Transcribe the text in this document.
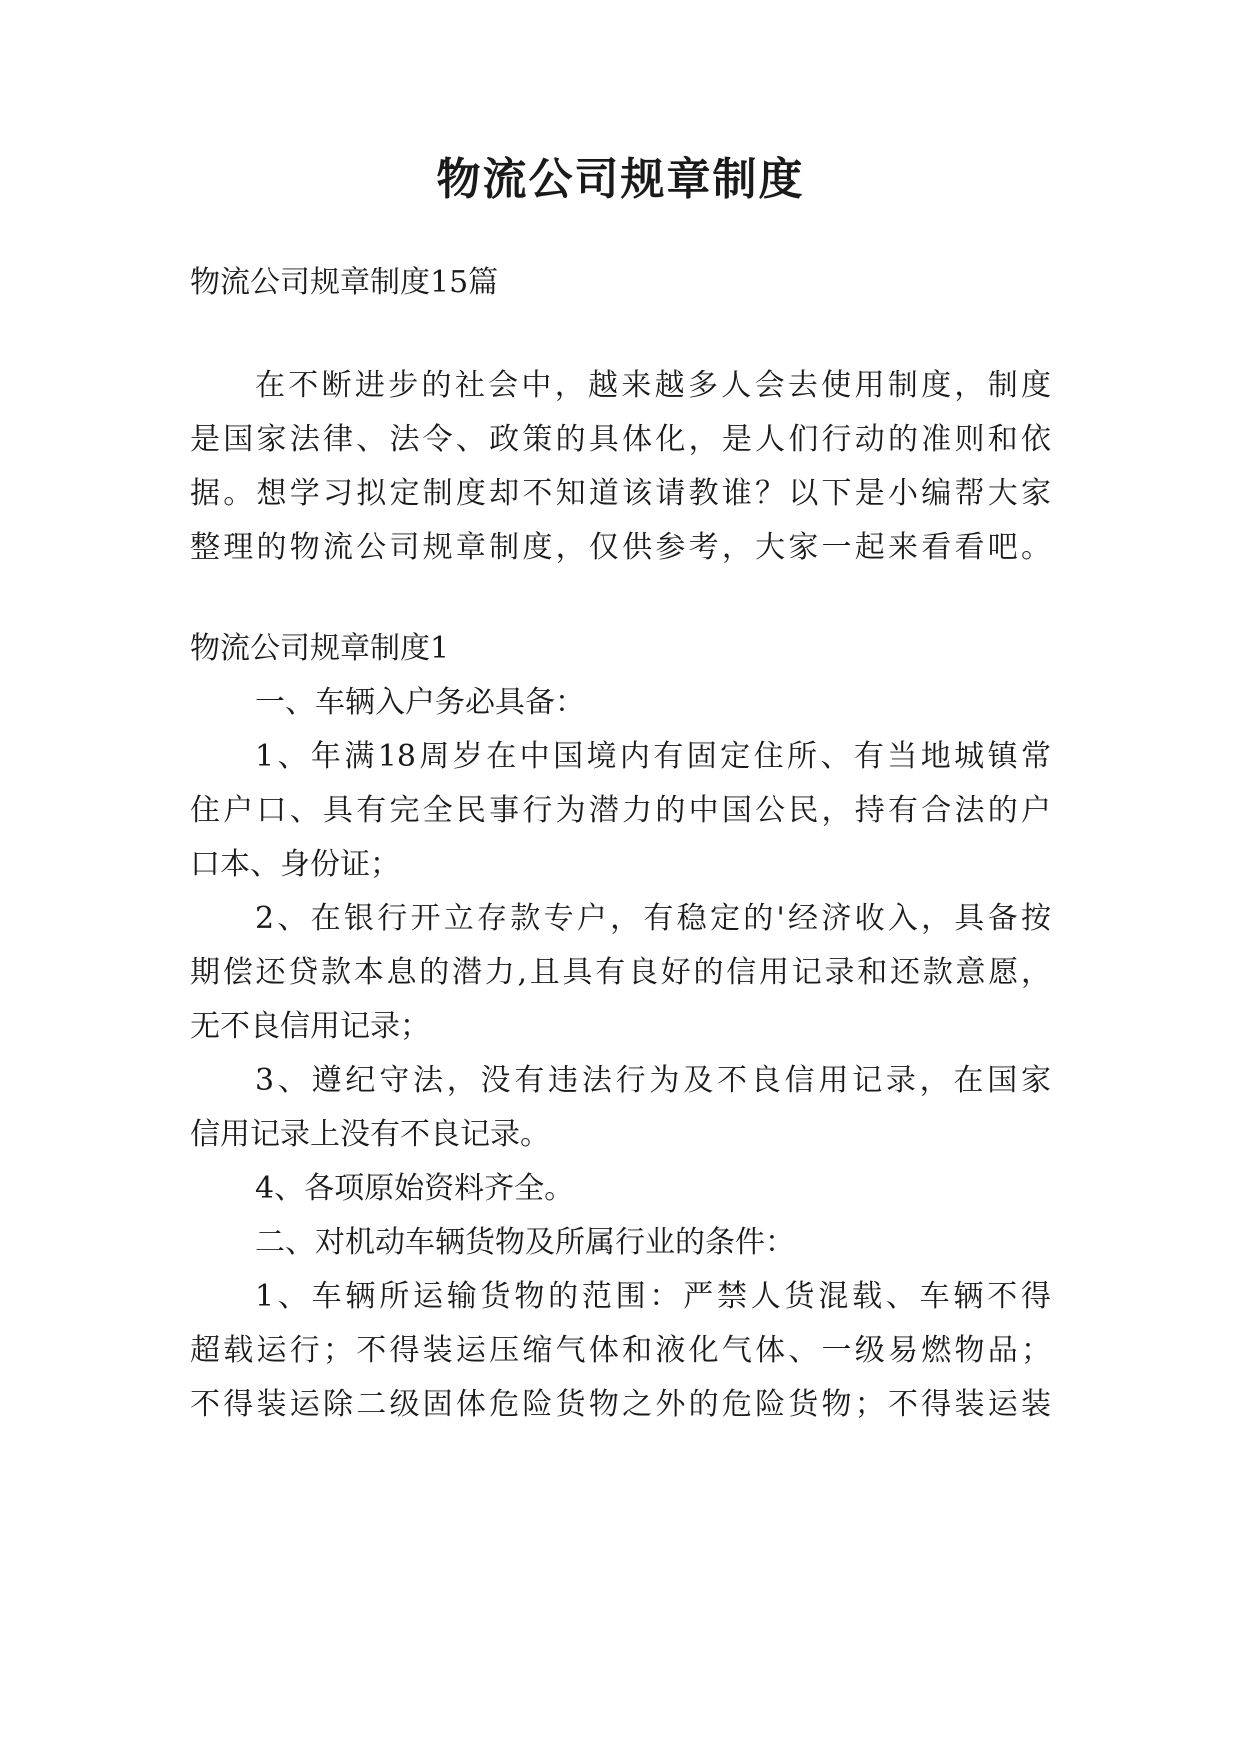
物流公司规章制度

物流公司规章制度15篇

在不断进步的社会中，越来越多人会去使用制度，制度

是国家法律、法令、政策的具体化，是人们行动的准则和依

据。想学习拟定制度却不知道该请教谁？以下是小编帮大家

整理的物流公司规章制度，仅供参考，大家一起来看看吧。

物流公司规章制度1

一、车辆入户务必具备：

1、年满18周岁在中国境内有固定住所、有当地城镇常

住户口、具有完全民事行为潜力的中国公民，持有合法的户

口本、身份证；

2、在银行开立存款专户，有稳定的'经济收入，具备按

期偿还贷款本息的潜力,且具有良好的信用记录和还款意愿，

无不良信用记录；

3、遵纪守法，没有违法行为及不良信用记录，在国家

信用记录上没有不良记录。

4、各项原始资料齐全。

二、对机动车辆货物及所属行业的条件：

1、车辆所运输货物的范围：严禁人货混载、车辆不得

超载运行；不得装运压缩气体和液化气体、一级易燃物品；

不得装运除二级固体危险货物之外的危险货物；不得装运装
